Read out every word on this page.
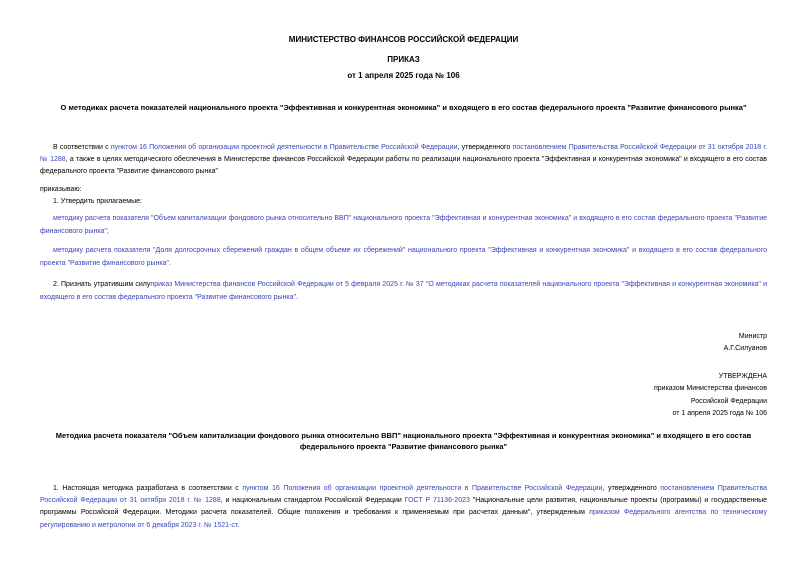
МИНИСТЕРСТВО ФИНАНСОВ РОССИЙСКОЙ ФЕДЕРАЦИИ
ПРИКАЗ
от 1 апреля 2025 года № 106
О методиках расчета показателей национального проекта "Эффективная и конкурентная экономика" и входящего в его состав федерального проекта "Развитие финансового рынка"

В соответствии с пунктом 16 Положения об организации проектной деятельности в Правительстве Российской Федерации, утвержденного постановлением Правительства Российской Федерации от 31 октября 2018 г. № 1288, а также в целях методического обеспечения в Министерстве финансов Российской Федерации работы по реализации национального проекта "Эффективная и конкурентная экономика" и входящего в его состав федерального проекта "Развитие финансового рынка"

приказываю:

1. Утвердить прилагаемые:

методику расчета показателя "Объем капитализации фондового рынка относительно ВВП" национального проекта "Эффективная и конкурентная экономика" и входящего в его состав федерального проекта "Развитие финансового рынка";

методику расчета показателя "Доля долгосрочных сбережений граждан в общем объеме их сбережений" национального проекта "Эффективная и конкурентная экономика" и входящего в его состав федерального проекта "Развитие финансового рынка".

2. Признать утратившим силуприказ Министерства финансов Российской Федерации от 5 февраля 2025 г. № 37 "О методиках расчета показателей национального проекта "Эффективная и конкурентная экономика" и входящего в его состав федерального проекта "Развитие финансового рынка".

Министр
А.Г.Силуанов
УТВЕРЖДЕНА
приказом Министерства финансов
Российской Федерации
от 1 апреля 2025 года № 106
Методика расчета показателя "Объем капитализации фондового рынка относительно ВВП" национального проекта "Эффективная и конкурентная экономика" и входящего в его состав федерального проекта "Развитие финансового рынка"

1. Настоящая методика разработана в соответствии с пунктом 16 Положения об организации проектной деятельности в Правительстве Российской Федерации, утвержденного постановлением Правительства Российской Федерации от 31 октября 2018 г. № 1288, и национальным стандартом Российской Федерации ГОСТ Р 71136-2023 "Национальные цели развития, национальные проекты (программы) и государственные программы Российской Федерации. Методики расчета показателей. Общие положения и требования к применяемым при расчетах данным", утвержденным приказом Федерального агентства по техническому регулированию и метрологии от 6 декабря 2023 г. № 1521-ст.
